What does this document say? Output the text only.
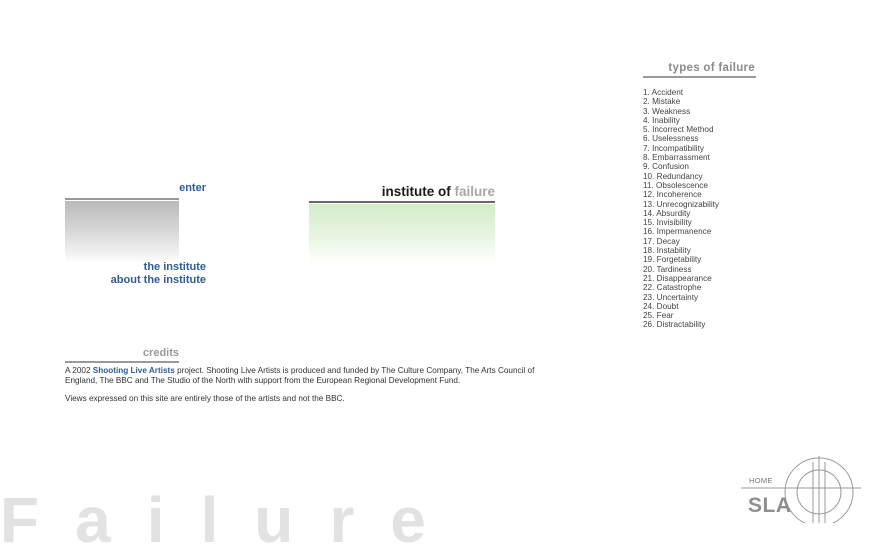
types of failure
1. Accident
2. Mistake
3. Weakness
4. Inability
5. Incorrect Method
6. Uselessness
7. Incompatibility
8. Embarrassment
9. Confusion
10. Redundancy
11. Obsolescence
12. Incoherence
13. Unrecognizability
14. Absurdity
15. Invisibility
16. Impermanence
17. Decay
18. Instability
19. Forgetability
20. Tardiness
21. Disappearance
22. Catastrophe
23. Uncertainty
24. Doubt
25. Fear
26. Distractability
enter
the institute
about the institute
institute of failure
credits
A 2002 Shooting Live Artists project. Shooting Live Artists is produced and funded by The Culture Company, The Arts Council of England, The BBC and The Studio of the North with support from the European Regional Development Fund.
Views expressed on this site are entirely those of the artists and not the BBC.
Failure
HOME
SLA
